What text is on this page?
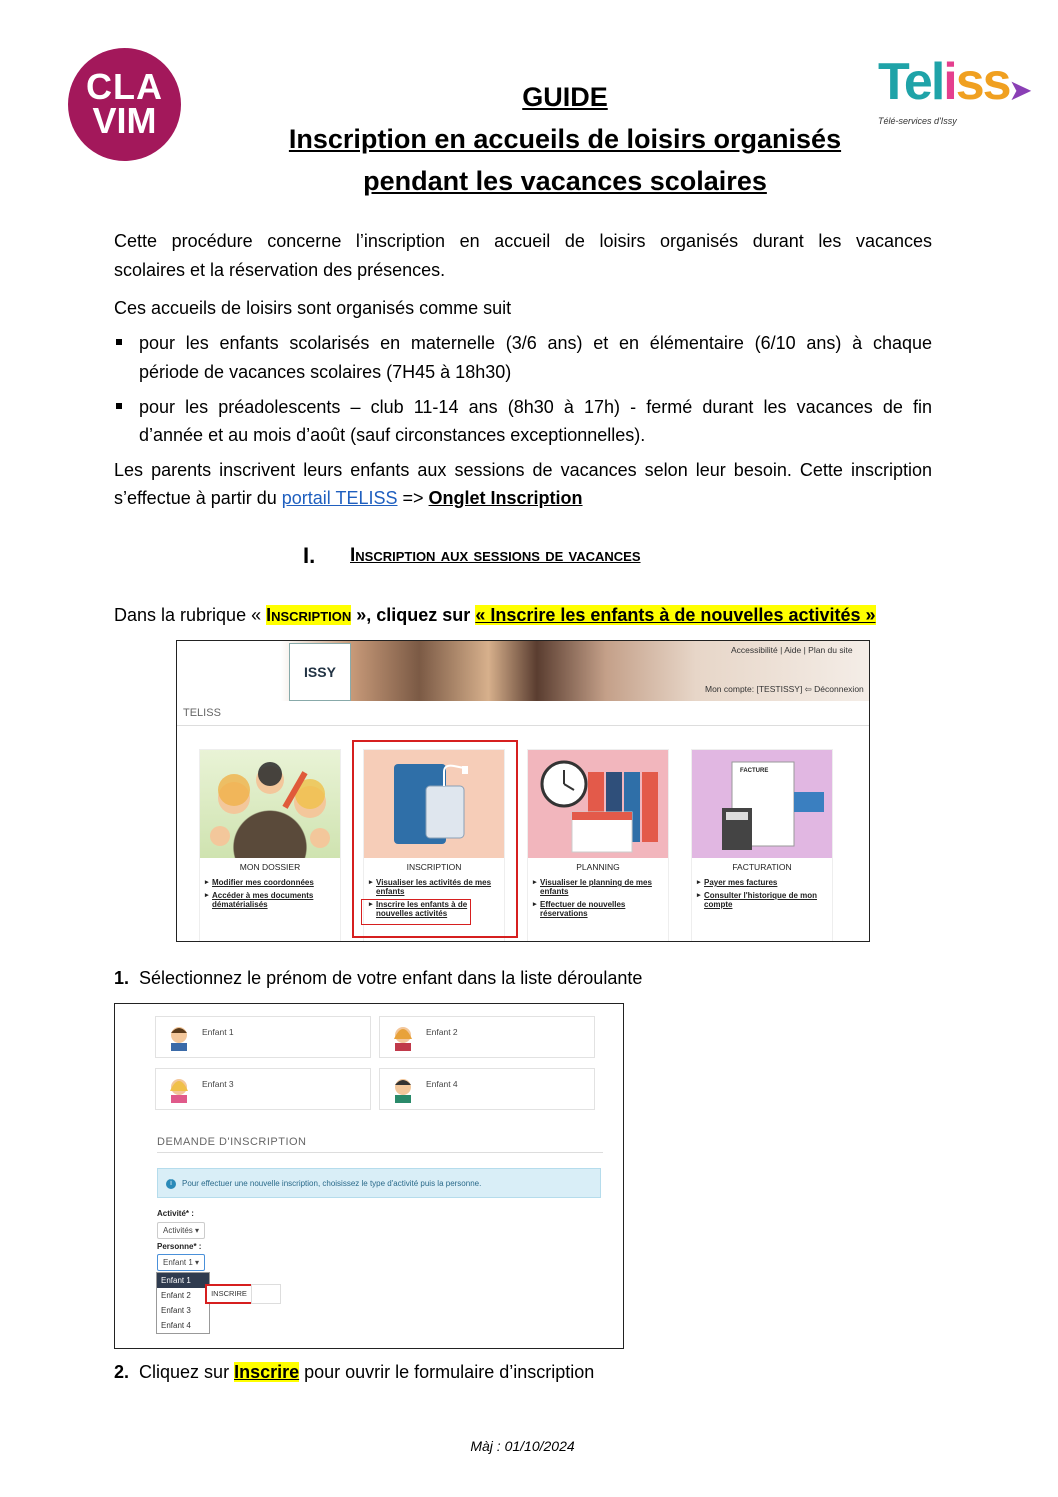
CLA
VIM
Teliss➤
Télé-services d'Issy
GUIDE
Inscription en accueils de loisirs organisés
pendant les vacances scolaires
Cette procédure concerne l’inscription en accueil de loisirs organisés durant les vacances
scolaires et la réservation des présences.
Ces accueils de loisirs sont organisés comme suit
pour les enfants scolarisés en maternelle (3/6 ans) et en élémentaire (6/10 ans) à chaque
période de vacances scolaires (7H45 à 18h30)
pour les préadolescents – club 11-14 ans (8h30 à 17h) - fermé durant les vacances de fin
d’année et au mois d’août (sauf circonstances exceptionnelles).
Les parents inscrivent leurs enfants aux sessions de vacances selon leur besoin. Cette inscription
s’effectue à partir du portail TELISS => Onglet Inscription
I. Inscription aux sessions de vacances
Dans la rubrique « Inscription », cliquez sur « Inscrire les enfants à de nouvelles activités »
ISSY
Accessibilité | Aide | Plan du site
Mon compte: [TESTISSY] ⇦ Déconnexion
TELISS
MON DOSSIER
▸ Modifier mes coordonnées
▸ Accéder à mes documents dématérialisés
INSCRIPTION
▸ Visualiser les activités de mes enfants
▸ Inscrire les enfants à de nouvelles activités
PLANNING
▸ Visualiser le planning de mes enfants
▸ Effectuer de nouvelles réservations
FACTURE
FACTURATION
▸ Payer mes factures
▸ Consulter l'historique de mon compte
1. Sélectionnez le prénom de votre enfant dans la liste déroulante
Enfant 1	Enfant 2
Enfant 3	Enfant 4
DEMANDE D'INSCRIPTION
i	Pour effectuer une nouvelle inscription, choisissez le type d'activité puis la personne.
Activité* :
Activités ▾
Personne* :
Enfant 1 ▾
Enfant 1
Enfant 2
Enfant 3
Enfant 4
INSCRIRE
2. Cliquez sur Inscrire pour ouvrir le formulaire d’inscription
Màj : 01/10/2024
